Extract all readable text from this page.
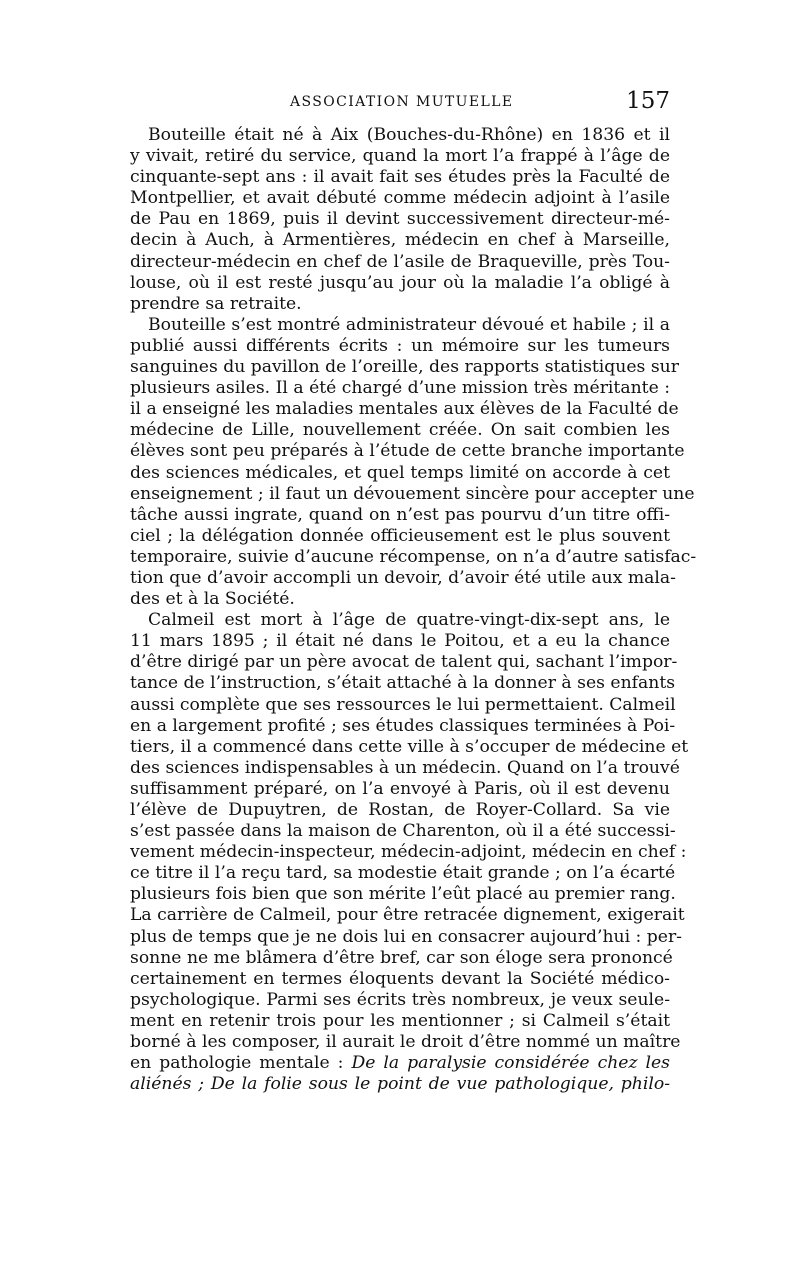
ASSOCIATION MUTUELLE	157
Bouteille était né à Aix (Bouches-du-Rhône) en 1836 et il
y vivait, retiré du service, quand la mort l’a frappé à l’âge de
cinquante-sept ans : il avait fait ses études près la Faculté de
Montpellier, et avait débuté comme médecin adjoint à l’asile
de Pau en 1869, puis il devint successivement directeur-mé-
decin à Auch, à Armentières, médecin en chef à Marseille,
directeur-médecin en chef de l’asile de Braqueville, près Tou-
louse, où il est resté jusqu’au jour où la maladie l’a obligé à
prendre sa retraite.
Bouteille s’est montré administrateur dévoué et habile ; il a
publié aussi différents écrits : un mémoire sur les tumeurs
sanguines du pavillon de l’oreille, des rapports statistiques sur
plusieurs asiles. Il a été chargé d’une mission très méritante :
il a enseigné les maladies mentales aux élèves de la Faculté de
médecine de Lille, nouvellement créée. On sait combien les
élèves sont peu préparés à l’étude de cette branche importante
des sciences médicales, et quel temps limité on accorde à cet
enseignement ; il faut un dévouement sincère pour accepter une
tâche aussi ingrate, quand on n’est pas pourvu d’un titre offi-
ciel ; la délégation donnée officieusement est le plus souvent
temporaire, suivie d’aucune récompense, on n’a d’autre satisfac-
tion que d’avoir accompli un devoir, d’avoir été utile aux mala-
des et à la Société.
Calmeil est mort à l’âge de quatre-vingt-dix-sept ans, le
11 mars 1895 ; il était né dans le Poitou, et a eu la chance
d’être dirigé par un père avocat de talent qui, sachant l’impor-
tance de l’instruction, s’était attaché à la donner à ses enfants
aussi complète que ses ressources le lui permettaient. Calmeil
en a largement profité ; ses études classiques terminées à Poi-
tiers, il a commencé dans cette ville à s’occuper de médecine et
des sciences indispensables à un médecin. Quand on l’a trouvé
suffisamment préparé, on l’a envoyé à Paris, où il est devenu
l’élève de Dupuytren, de Rostan, de Royer-Collard. Sa vie
s’est passée dans la maison de Charenton, où il a été successi-
vement médecin-inspecteur, médecin-adjoint, médecin en chef :
ce titre il l’a reçu tard, sa modestie était grande ; on l’a écarté
plusieurs fois bien que son mérite l’eût placé au premier rang.
La carrière de Calmeil, pour être retracée dignement, exigerait
plus de temps que je ne dois lui en consacrer aujourd’hui : per-
sonne ne me blâmera d’être bref, car son éloge sera prononcé
certainement en termes éloquents devant la Société médico-
psychologique. Parmi ses écrits très nombreux, je veux seule-
ment en retenir trois pour les mentionner ; si Calmeil s’était
borné à les composer, il aurait le droit d’être nommé un maître
en pathologie mentale : De la paralysie considérée chez les
aliénés ; De la folie sous le point de vue pathologique, philo-
